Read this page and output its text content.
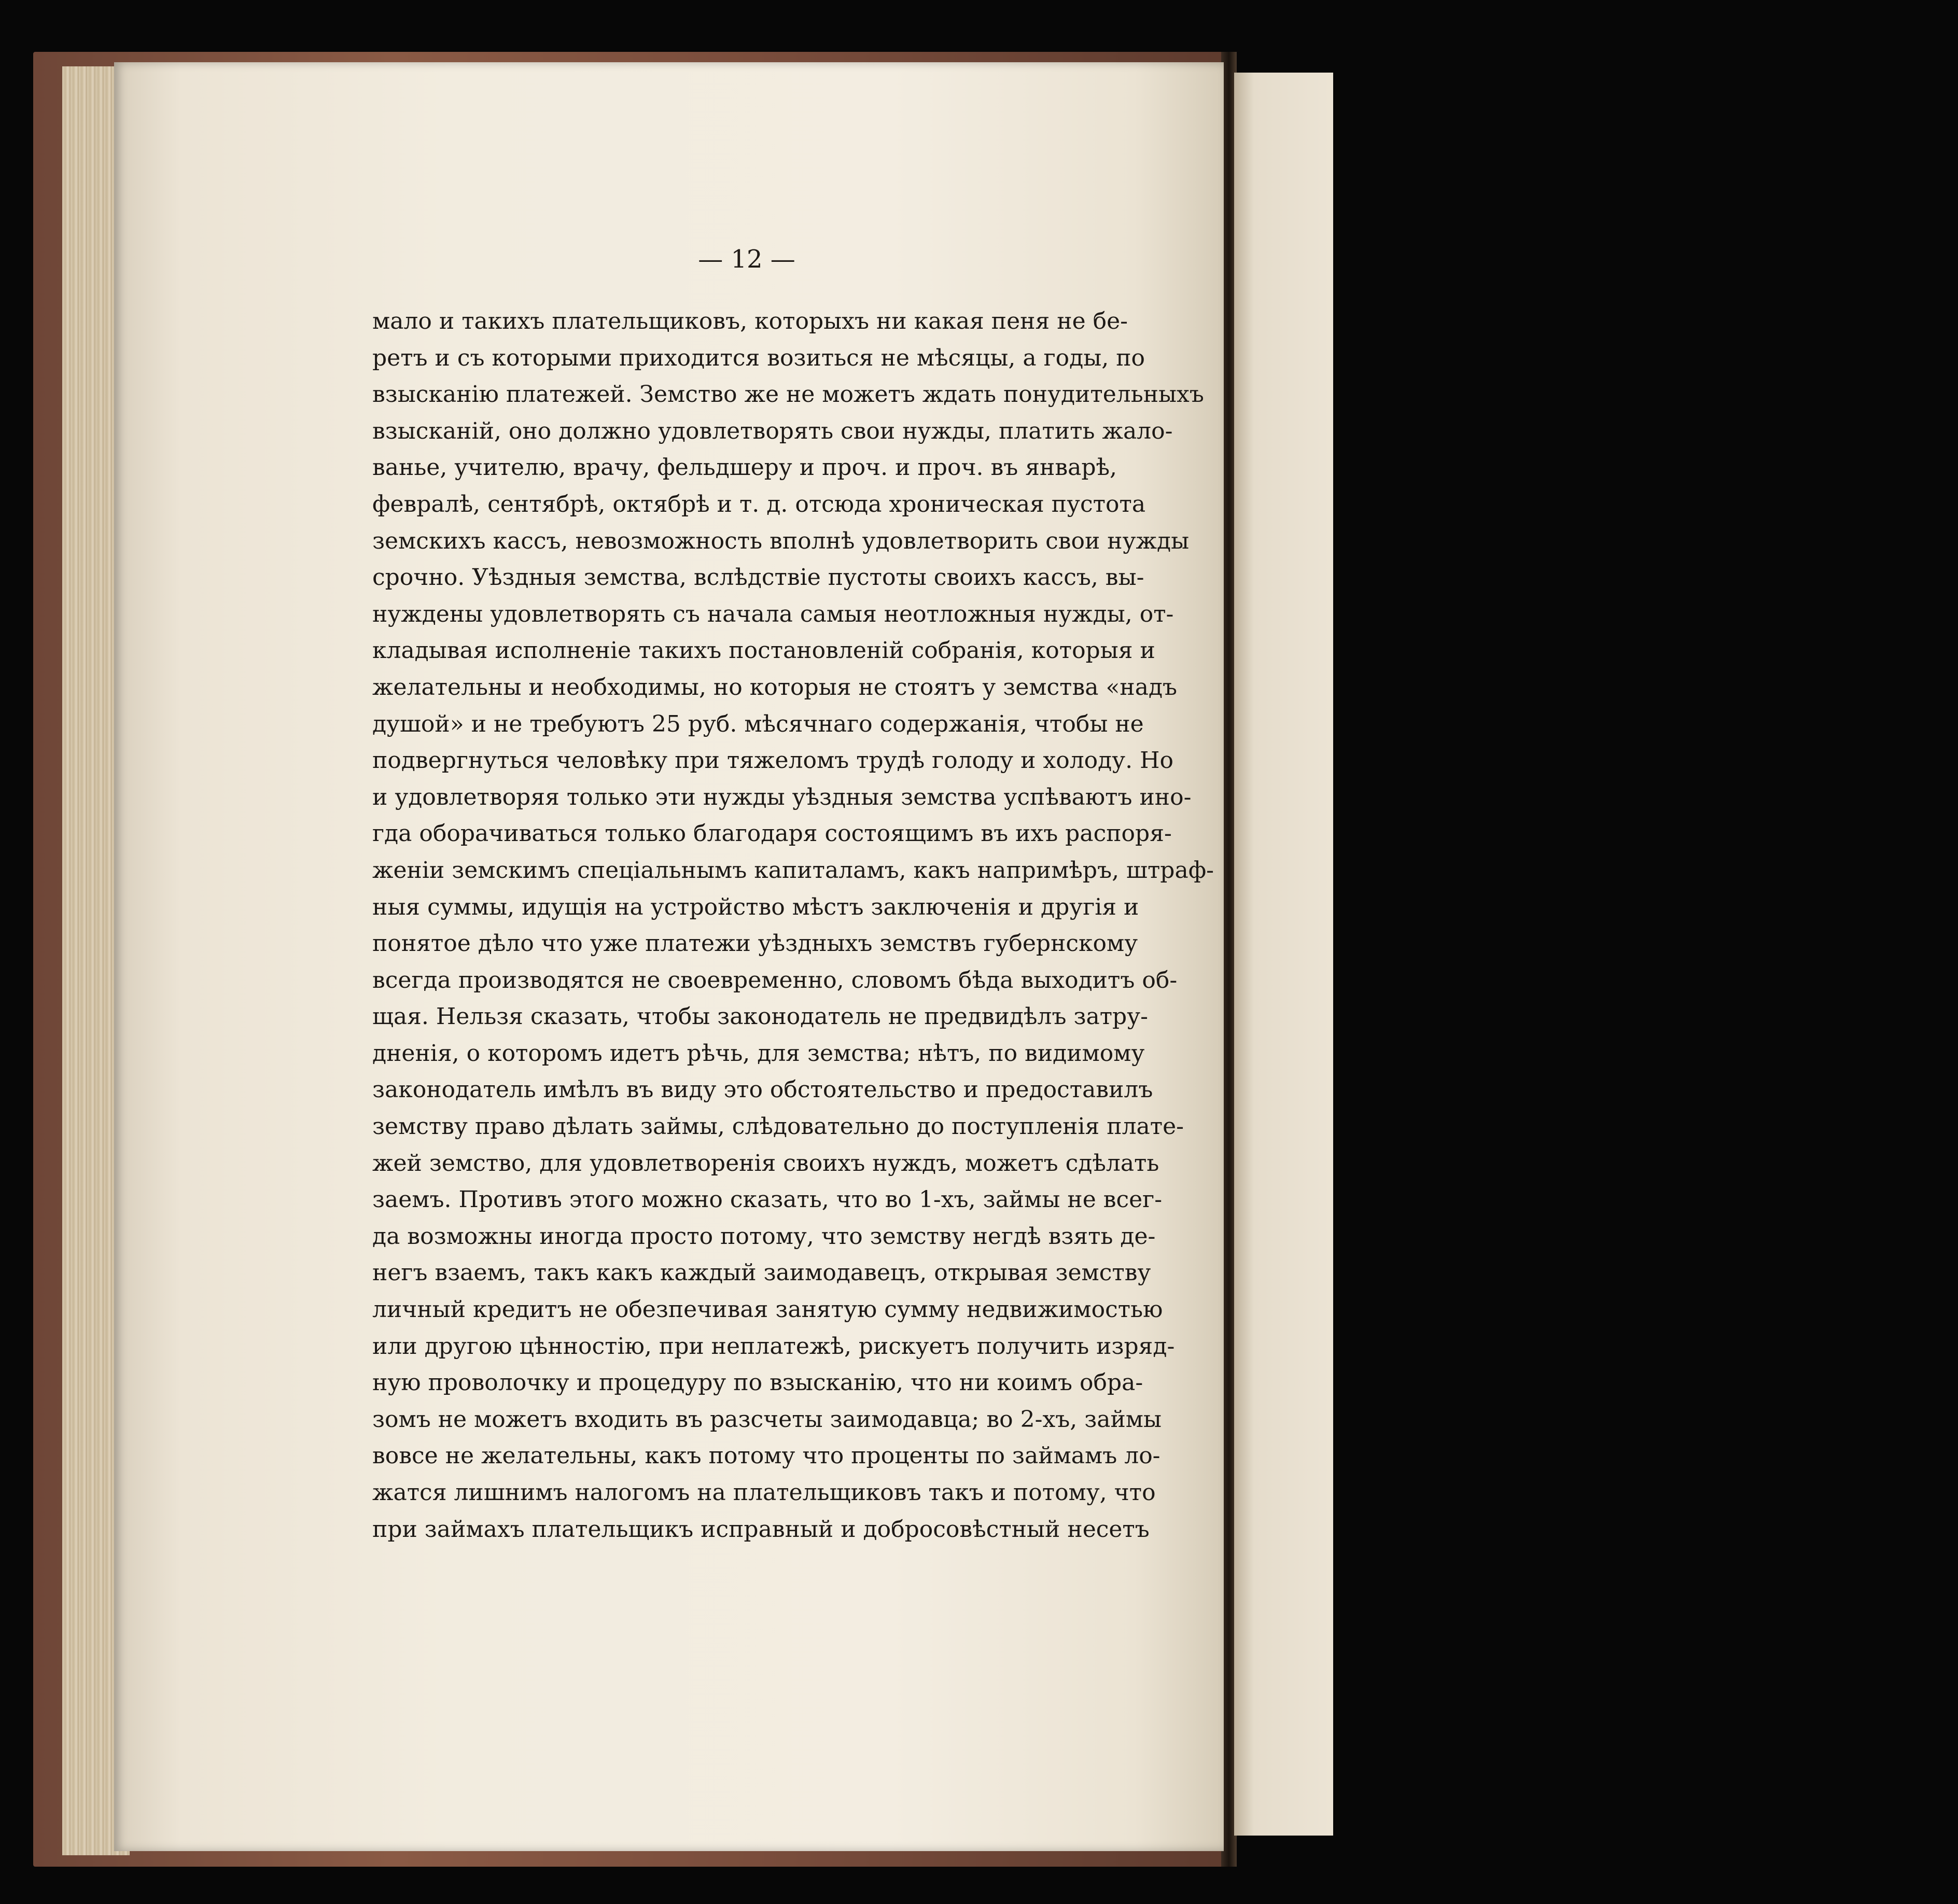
— 12 —
мало и такихъ плательщиковъ, которыхъ ни какая пеня не бе-
ретъ и съ которыми приходится возиться не мѣсяцы, а годы, по
взысканію платежей. Земство же не можетъ ждать понудительныхъ
взысканій, оно должно удовлетворять свои нужды, платить жало-
ванье, учителю, врачу, фельдшеру и проч. и проч. въ январѣ,
февралѣ, сентябрѣ, октябрѣ и т. д. отсюда хроническая пустота
земскихъ кассъ, невозможность вполнѣ удовлетворить свои нужды
срочно. Уѣздныя земства, вслѣдствіе пустоты своихъ кассъ, вы-
нуждены удовлетворять съ начала самыя неотложныя нужды, от-
кладывая исполненіе такихъ постановленій собранія, которыя и
желательны и необходимы, но которыя не стоятъ у земства «надъ
душой» и не требуютъ 25 руб. мѣсячнаго содержанія, чтобы не
подвергнуться человѣку при тяжеломъ трудѣ голоду и холоду. Но
и удовлетворяя только эти нужды уѣздныя земства успѣваютъ ино-
гда оборачиваться только благодаря состоящимъ въ ихъ распоря-
женіи земскимъ спеціальнымъ капиталамъ, какъ напримѣръ, штраф-
ныя суммы, идущія на устройство мѣстъ заключенія и другія и
понятое дѣло что уже платежи уѣздныхъ земствъ губернскому
всегда производятся не своевременно, словомъ бѣда выходитъ об-
щая. Нельзя сказать, чтобы законодатель не предвидѣлъ затру-
дненія, о которомъ идетъ рѣчь, для земства; нѣтъ, по видимому
законодатель имѣлъ въ виду это обстоятельство и предоставилъ
земству право дѣлать займы, слѣдовательно до поступленія плате-
жей земство, для удовлетворенія своихъ нуждъ, можетъ сдѣлать
заемъ. Противъ этого можно сказать, что во 1-хъ, займы не всег-
да возможны иногда просто потому, что земству негдѣ взять де-
негъ взаемъ, такъ какъ каждый заимодавецъ, открывая земству
личный кредитъ не обезпечивая занятую сумму недвижимостью
или другою цѣнностію, при неплатежѣ, рискуетъ получить изряд-
ную проволочку и процедуру по взысканію, что ни коимъ обра-
зомъ не можетъ входить въ разсчеты заимодавца; во 2-хъ, займы
вовсе не желательны, какъ потому что проценты по займамъ ло-
жатся лишнимъ налогомъ на плательщиковъ такъ и потому, что
при займахъ плательщикъ исправный и добросовѣстный несетъ
